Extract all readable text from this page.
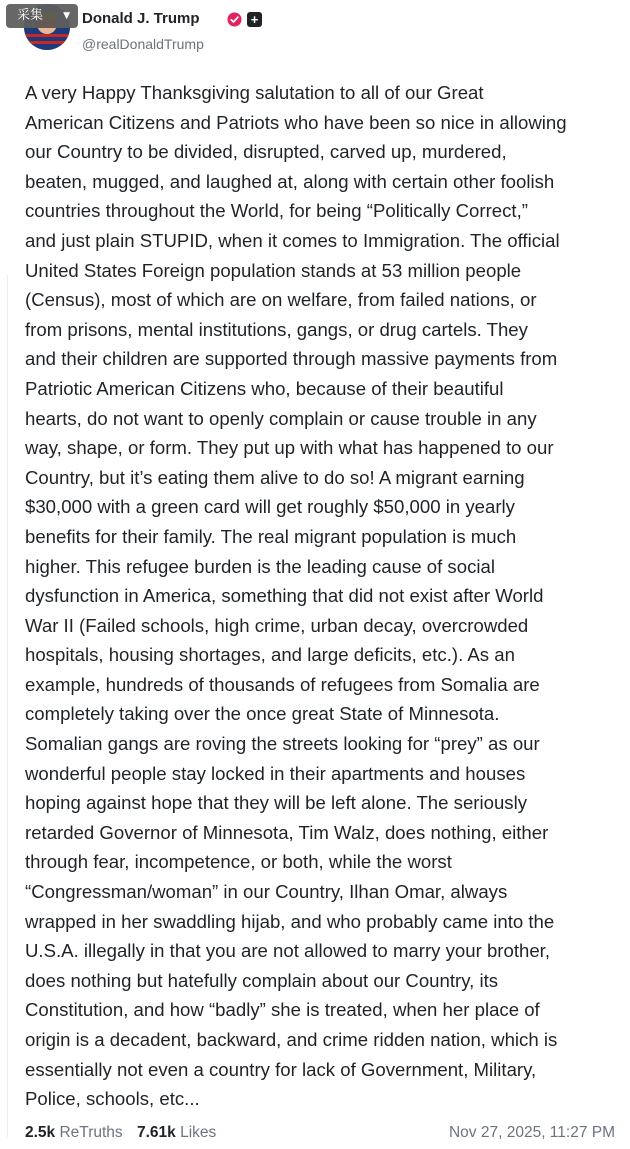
采集 ▼ Donald J. Trump	+
@realDonaldTrump
A very Happy Thanksgiving salutation to all of our Great
American Citizens and Patriots who have been so nice in allowing
our Country to be divided, disrupted, carved up, murdered,
beaten, mugged, and laughed at, along with certain other foolish
countries throughout the World, for being “Politically Correct,”
and just plain STUPID, when it comes to Immigration. The official
United States Foreign population stands at 53 million people
(Census), most of which are on welfare, from failed nations, or
from prisons, mental institutions, gangs, or drug cartels. They
and their children are supported through massive payments from
Patriotic American Citizens who, because of their beautiful
hearts, do not want to openly complain or cause trouble in any
way, shape, or form. They put up with what has happened to our
Country, but it’s eating them alive to do so! A migrant earning
$30,000 with a green card will get roughly $50,000 in yearly
benefits for their family. The real migrant population is much
higher. This refugee burden is the leading cause of social
dysfunction in America, something that did not exist after World
War II (Failed schools, high crime, urban decay, overcrowded
hospitals, housing shortages, and large deficits, etc.). As an
example, hundreds of thousands of refugees from Somalia are
completely taking over the once great State of Minnesota.
Somalian gangs are roving the streets looking for “prey” as our
wonderful people stay locked in their apartments and houses
hoping against hope that they will be left alone. The seriously
retarded Governor of Minnesota, Tim Walz, does nothing, either
through fear, incompetence, or both, while the worst
“Congressman/woman” in our Country, Ilhan Omar, always
wrapped in her swaddling hijab, and who probably came into the
U.S.A. illegally in that you are not allowed to marry your brother,
does nothing but hatefully complain about our Country, its
Constitution, and how “badly” she is treated, when her place of
origin is a decadent, backward, and crime ridden nation, which is
essentially not even a country for lack of Government, Military,
Police, schools, etc...
2.5k ReTruths 7.61k Likes	Nov 27, 2025, 11:27 PM
